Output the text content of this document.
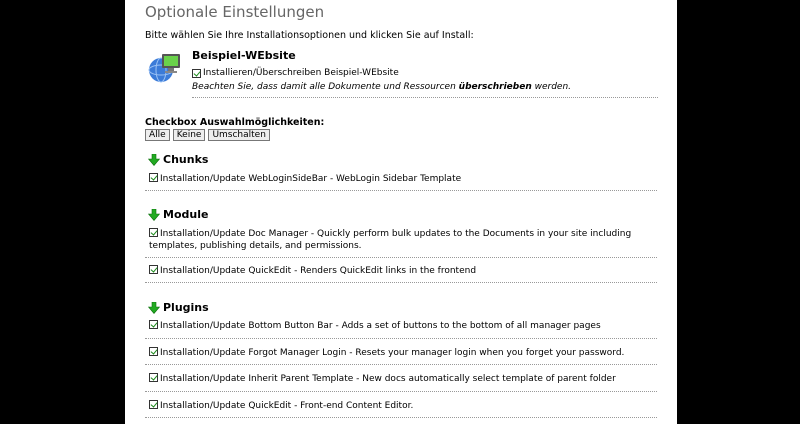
Optionale Einstellungen
Bitte wählen Sie Ihre Installationsoptionen und klicken Sie auf Install:
Beispiel-WEbsite
Installieren/Überschreiben Beispiel-WEbsite
Beachten Sie, dass damit alle Dokumente und Ressourcen überschrieben werden.
Checkbox Auswahlmöglichkeiten:
Alle	Keine	Umschalten
Chunks
Installation/Update WebLoginSideBar - WebLogin Sidebar Template
Module
Installation/Update Doc Manager - Quickly perform bulk updates to the Documents in your site including templates, publishing details, and permissions.
Installation/Update QuickEdit - Renders QuickEdit links in the frontend
Plugins
Installation/Update Bottom Button Bar - Adds a set of buttons to the bottom of all manager pages
Installation/Update Forgot Manager Login - Resets your manager login when you forget your password.
Installation/Update Inherit Parent Template - New docs automatically select template of parent folder
Installation/Update QuickEdit - Front-end Content Editor.
